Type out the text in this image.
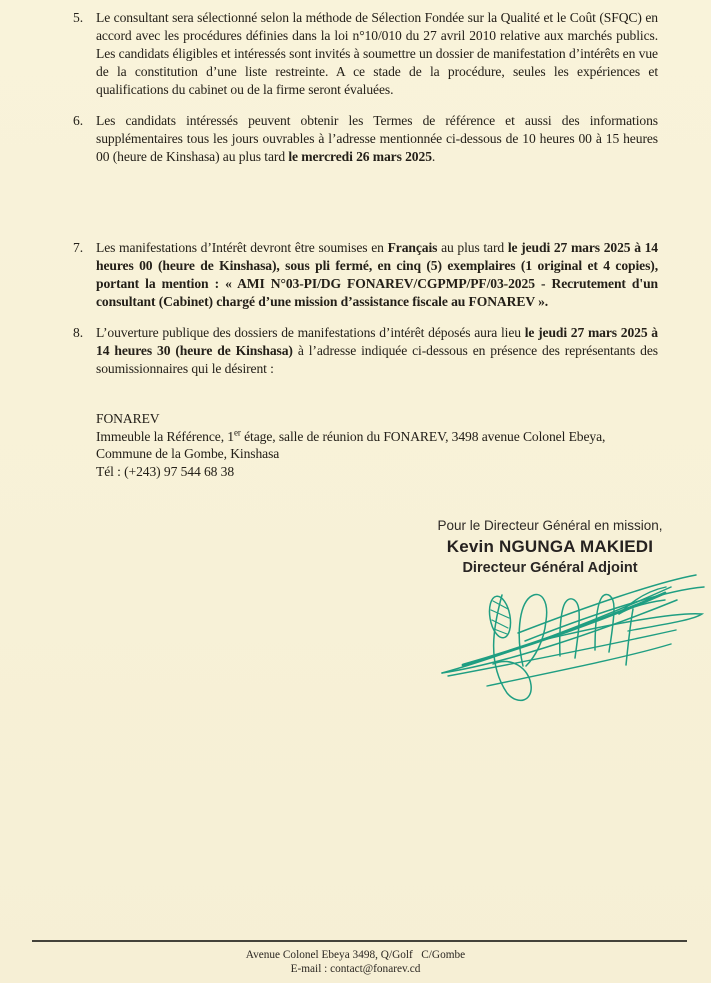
5. Le consultant sera sélectionné selon la méthode de Sélection Fondée sur la Qualité et le Coût (SFQC) en accord avec les procédures définies dans la loi n°10/010 du 27 avril 2010 relative aux marchés publics. Les candidats éligibles et intéressés sont invités à soumettre un dossier de manifestation d’intérêts en vue de la constitution d’une liste restreinte. A ce stade de la procédure, seules les expériences et qualifications du cabinet ou de la firme seront évaluées.

6. Les candidats intéressés peuvent obtenir les Termes de référence et aussi des informations supplémentaires tous les jours ouvrables à l’adresse mentionnée ci-dessous de 10 heures 00 à 15 heures 00 (heure de Kinshasa) au plus tard le mercredi 26 mars 2025.

7. Les manifestations d’Intérêt devront être soumises en Français au plus tard le jeudi 27 mars 2025 à 14 heures 00 (heure de Kinshasa), sous pli fermé, en cinq (5) exemplaires (1 original et 4 copies), portant la mention : « AMI N°03-PI/DG FONAREV/CGPMP/PF/03-2025 - Recrutement d'un consultant (Cabinet) chargé d’une mission d’assistance fiscale au FONAREV ».

8. L’ouverture publique des dossiers de manifestations d’intérêt déposés aura lieu le jeudi 27 mars 2025 à 14 heures 30 (heure de Kinshasa) à l’adresse indiquée ci-dessous en présence des représentants des soumissionnaires qui le désirent :

FONAREV

Immeuble la Référence, 1er étage, salle de réunion du FONAREV, 3498 avenue Colonel Ebeya,

Commune de la Gombe, Kinshasa

Tél : (+243) 97 544 68 38

Pour le Directeur Général en mission,

Kevin NGUNGA MAKIEDI

Directeur Général Adjoint

Avenue Colonel Ebeya 3498, Q/Golf   C/Gombe

E-mail : contact@fonarev.cd
